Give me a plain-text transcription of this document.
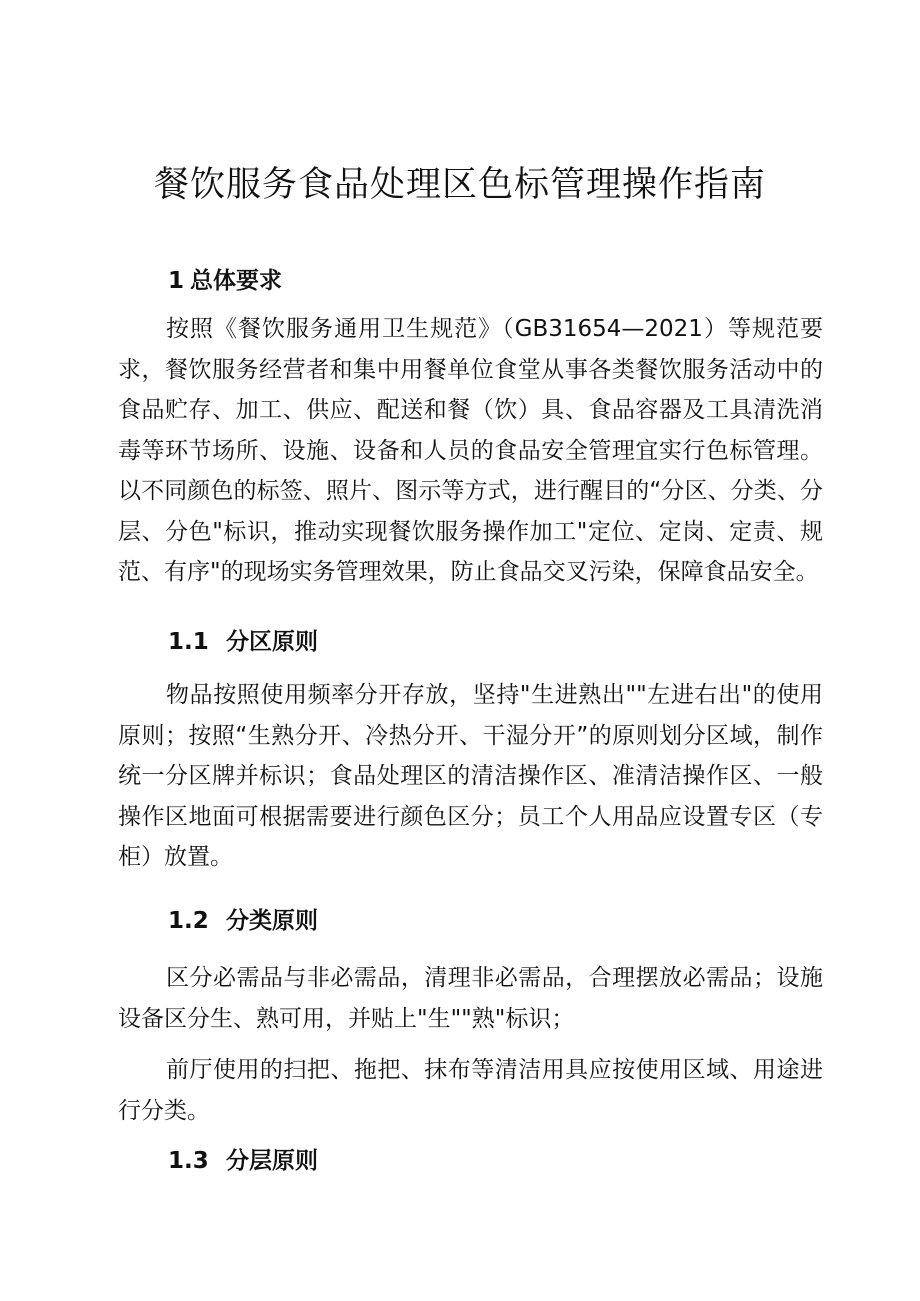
餐饮服务食品处理区色标管理操作指南
1 总体要求

按照《餐饮服务通用卫生规范》（GB31654—2021）等规范要求，餐饮服务经营者和集中用餐单位食堂从事各类餐饮服务活动中的食品贮存、加工、供应、配送和餐（饮）具、食品容器及工具清洗消毒等环节场所、设施、设备和人员的食品安全管理宜实行色标管理。以不同颜色的标签、照片、图示等方式，进行醒目的“分区、分类、分层、分色"标识，推动实现餐饮服务操作加工"定位、定岗、定责、规范、有序"的现场实务管理效果，防止食品交叉污染，保障食品安全。

1.1 分区原则

物品按照使用频率分开存放，坚持"生进熟出""左进右出"的使用原则；按照“生熟分开、冷热分开、干湿分开”的原则划分区域，制作统一分区牌并标识；食品处理区的清洁操作区、准清洁操作区、一般操作区地面可根据需要进行颜色区分；员工个人用品应设置专区（专柜）放置。

1.2 分类原则

区分必需品与非必需品，清理非必需品，合理摆放必需品；设施设备区分生、熟可用，并贴上"生""熟"标识；

前厅使用的扫把、拖把、抹布等清洁用具应按使用区域、用途进行分类。

1.3 分层原则
